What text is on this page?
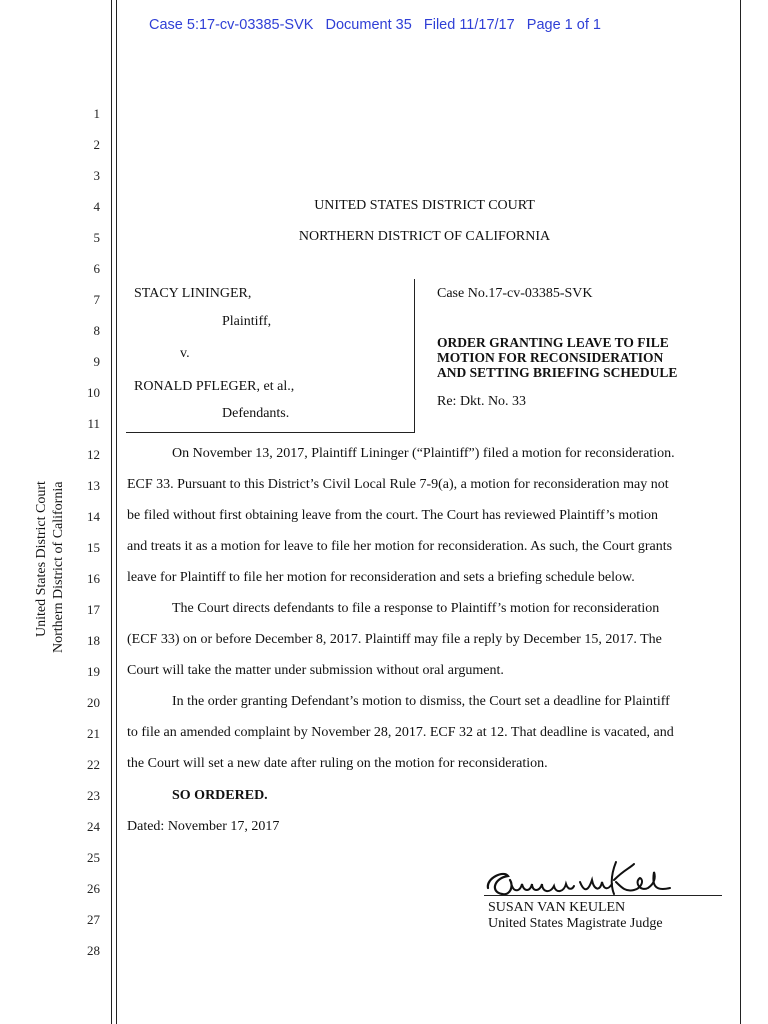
Case 5:17-cv-03385-SVK Document 35 Filed 11/17/17 Page 1 of 1
United States District Court Northern District of California
1
2
3
4
5
6
7
8
9
10
11
12
13
14
15
16
17
18
19
20
21
22
23
24
25
26
27
28
UNITED STATES DISTRICT COURT
NORTHERN DISTRICT OF CALIFORNIA
STACY LININGER,
Plaintiff,
v.
RONALD PFLEGER, et al.,
Defendants.
Case No.17-cv-03385-SVK
ORDER GRANTING LEAVE TO FILE
MOTION FOR RECONSIDERATION
AND SETTING BRIEFING SCHEDULE
Re: Dkt. No. 33
On November 13, 2017, Plaintiff Lininger (“Plaintiff”) filed a motion for reconsideration.
ECF 33. Pursuant to this District’s Civil Local Rule 7-9(a), a motion for reconsideration may not
be filed without first obtaining leave from the court. The Court has reviewed Plaintiff’s motion
and treats it as a motion for leave to file her motion for reconsideration. As such, the Court grants
leave for Plaintiff to file her motion for reconsideration and sets a briefing schedule below.
The Court directs defendants to file a response to Plaintiff’s motion for reconsideration
(ECF 33) on or before December 8, 2017. Plaintiff may file a reply by December 15, 2017. The
Court will take the matter under submission without oral argument.
In the order granting Defendant’s motion to dismiss, the Court set a deadline for Plaintiff
to file an amended complaint by November 28, 2017. ECF 32 at 12. That deadline is vacated, and
the Court will set a new date after ruling on the motion for reconsideration.
SO ORDERED.
Dated: November 17, 2017
SUSAN VAN KEULEN
United States Magistrate Judge
